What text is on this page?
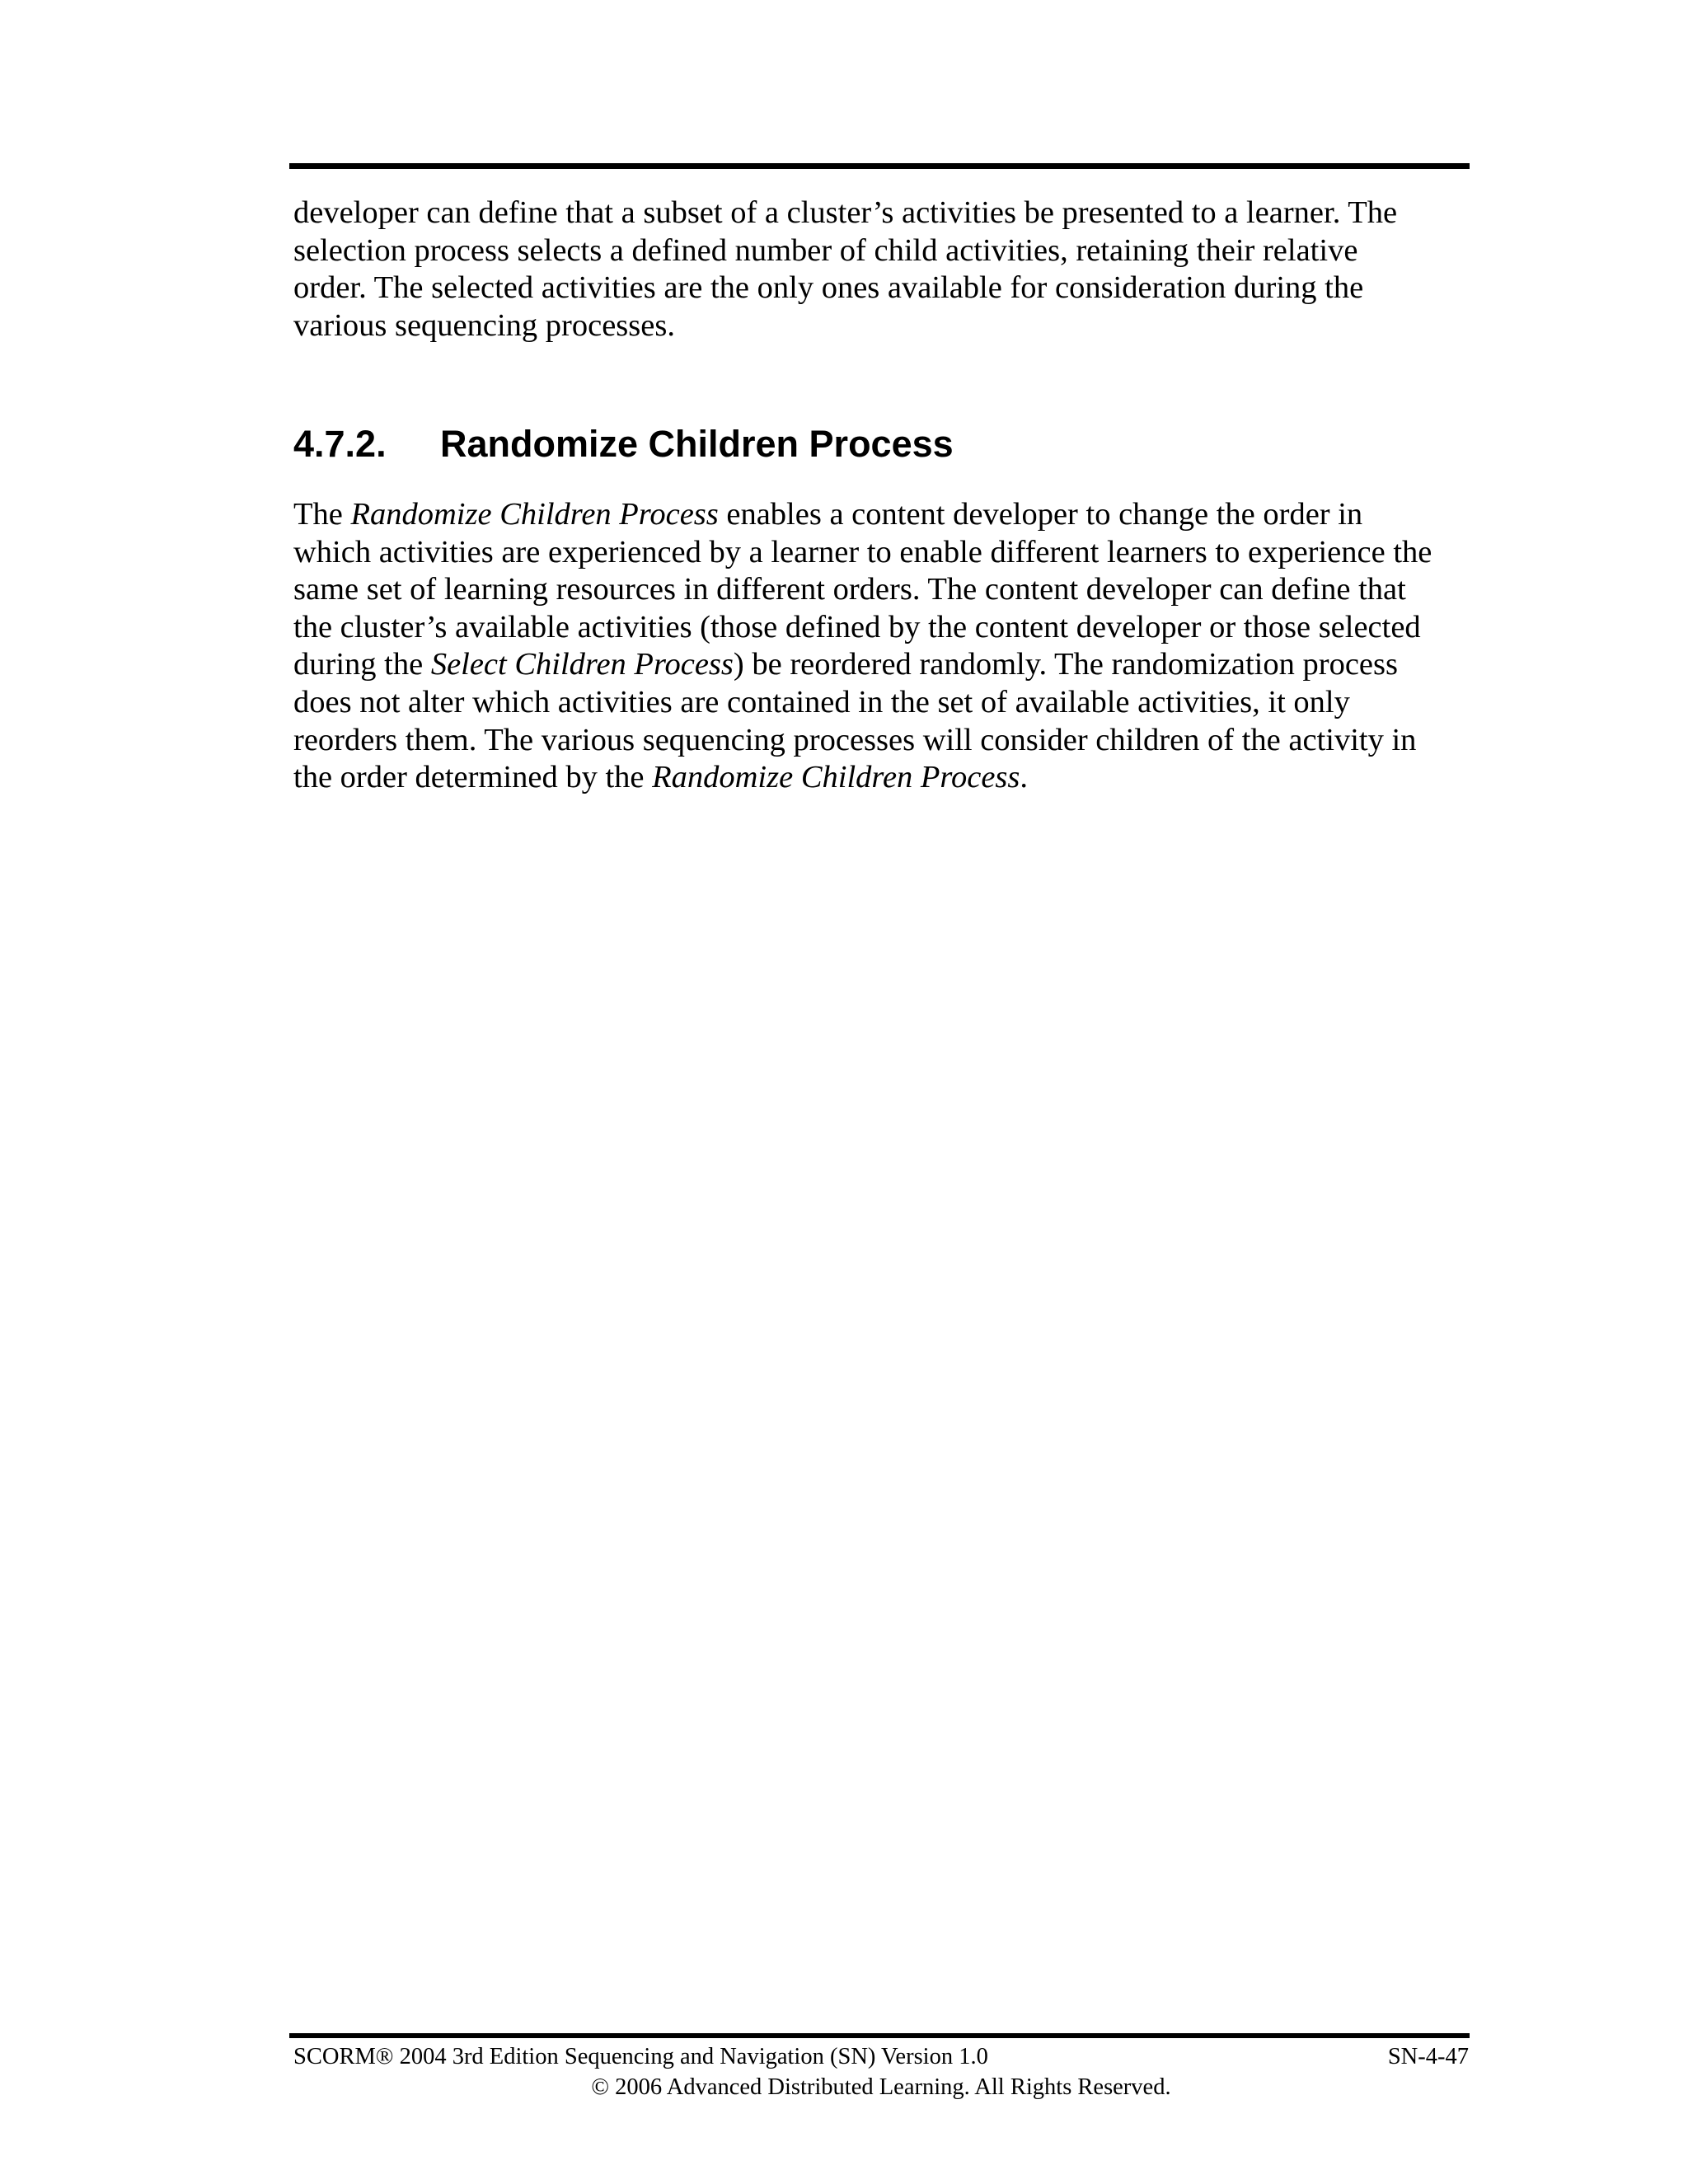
developer can define that a subset of a cluster’s activities be presented to a learner. The
selection process selects a defined number of child activities, retaining their relative
order. The selected activities are the only ones available for consideration during the
various sequencing processes.

4.7.2. Randomize Children Process

The Randomize Children Process enables a content developer to change the order in
which activities are experienced by a learner to enable different learners to experience the
same set of learning resources in different orders. The content developer can define that
the cluster’s available activities (those defined by the content developer or those selected
during the Select Children Process) be reordered randomly. The randomization process
does not alter which activities are contained in the set of available activities, it only
reorders them. The various sequencing processes will consider children of the activity in
the order determined by the Randomize Children Process.

SCORM® 2004 3rd Edition Sequencing and Navigation (SN) Version 1.0	SN-4-47
© 2006 Advanced Distributed Learning. All Rights Reserved.
